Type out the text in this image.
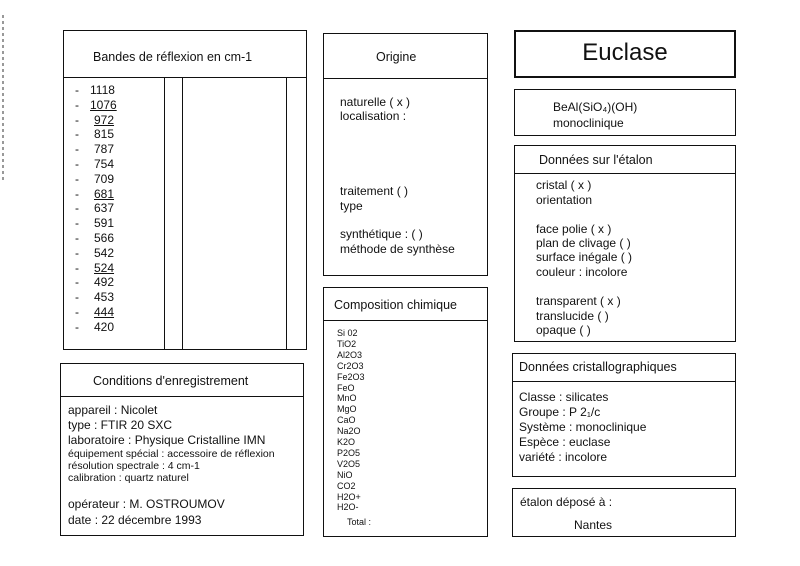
Bandes de réflexion en cm-1
- 1118
- 1076
- 972
- 815
- 787
- 754
- 709
- 681
- 637
- 591
- 566
- 542
- 524
- 492
- 453
- 444
- 420
Origine
naturelle ( x )
localisation :
traitement ( )
type
synthétique : ( )
méthode de synthèse
Euclase
BeAl(SiO₄)(OH)
monoclinique
Données sur l'étalon
cristal ( x )
orientation
face polie ( x )
plan de clivage ( )
surface inégale ( )
couleur : incolore
transparent ( x )
translucide ( )
opaque ( )
Composition chimique
Si 02
TiO2
Al2O3
Cr2O3
Fe2O3
FeO
MnO
MgO
CaO
Na2O
K2O
P2O5
V2O5
NiO
CO2
H2O+
H2O-
Total :
Conditions d'enregistrement
appareil : Nicolet
type : FTIR 20 SXC
laboratoire : Physique Cristalline IMN
équipement spécial : accessoire de réflexion
résolution spectrale : 4 cm-1
calibration : quartz naturel
opérateur : M. OSTROUMOV
date : 22 décembre 1993
Données cristallographiques
Classe : silicates
Groupe : P 2₁/c
Système : monoclinique
Espèce : euclase
variété : incolore
étalon déposé à :
Nantes
